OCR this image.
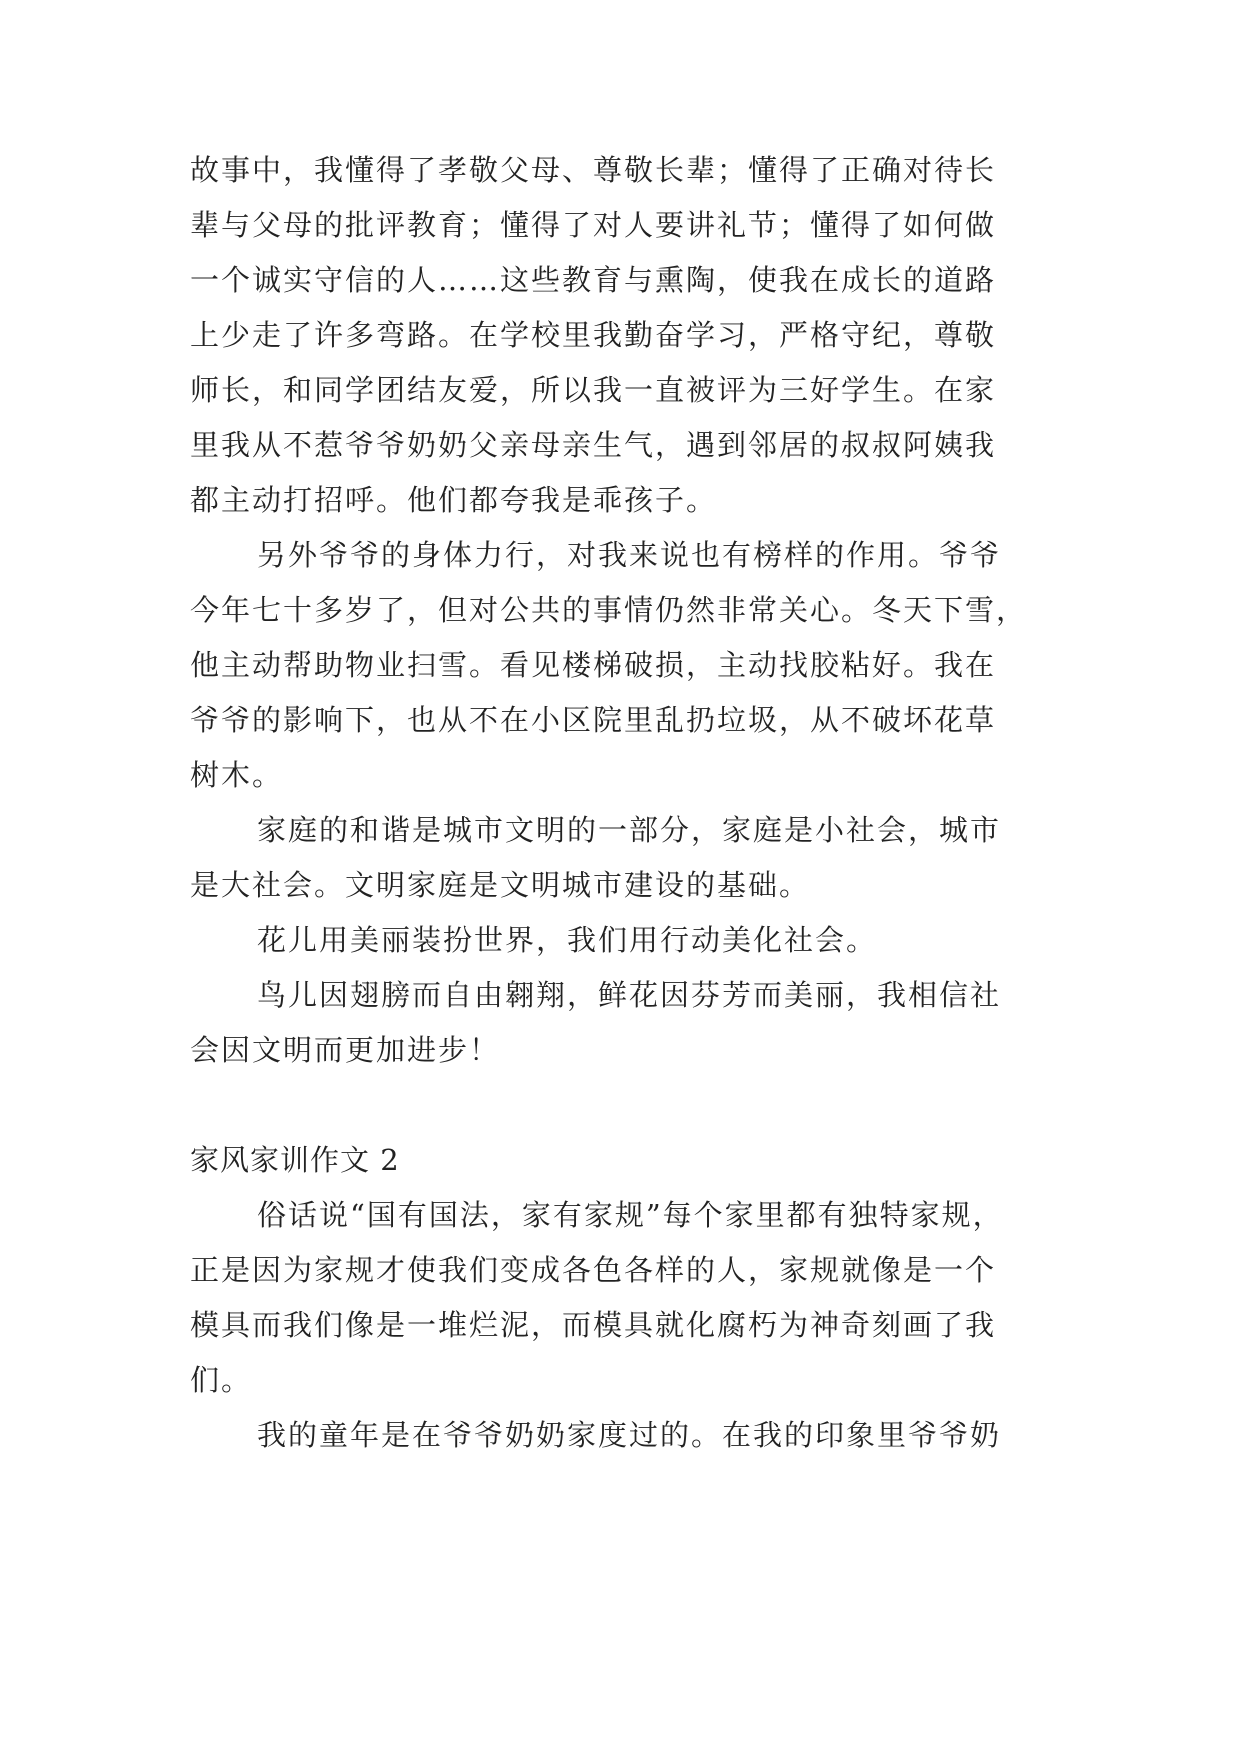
故事中，我懂得了孝敬父母、尊敬长辈；懂得了正确对待长
辈与父母的批评教育；懂得了对人要讲礼节；懂得了如何做
一个诚实守信的人……这些教育与熏陶，使我在成长的道路
上少走了许多弯路。在学校里我勤奋学习，严格守纪，尊敬
师长，和同学团结友爱，所以我一直被评为三好学生。在家
里我从不惹爷爷奶奶父亲母亲生气，遇到邻居的叔叔阿姨我
都主动打招呼。他们都夸我是乖孩子。
另外爷爷的身体力行，对我来说也有榜样的作用。爷爷
今年七十多岁了，但对公共的事情仍然非常关心。冬天下雪，
他主动帮助物业扫雪。看见楼梯破损，主动找胶粘好。我在
爷爷的影响下，也从不在小区院里乱扔垃圾，从不破坏花草
树木。
家庭的和谐是城市文明的一部分，家庭是小社会，城市
是大社会。文明家庭是文明城市建设的基础。
花儿用美丽装扮世界，我们用行动美化社会。
鸟儿因翅膀而自由翱翔，鲜花因芬芳而美丽，我相信社
会因文明而更加进步！
家风家训作文 2
俗话说“国有国法，家有家规”每个家里都有独特家规，
正是因为家规才使我们变成各色各样的人，家规就像是一个
模具而我们像是一堆烂泥，而模具就化腐朽为神奇刻画了我
们。
我的童年是在爷爷奶奶家度过的。在我的印象里爷爷奶
